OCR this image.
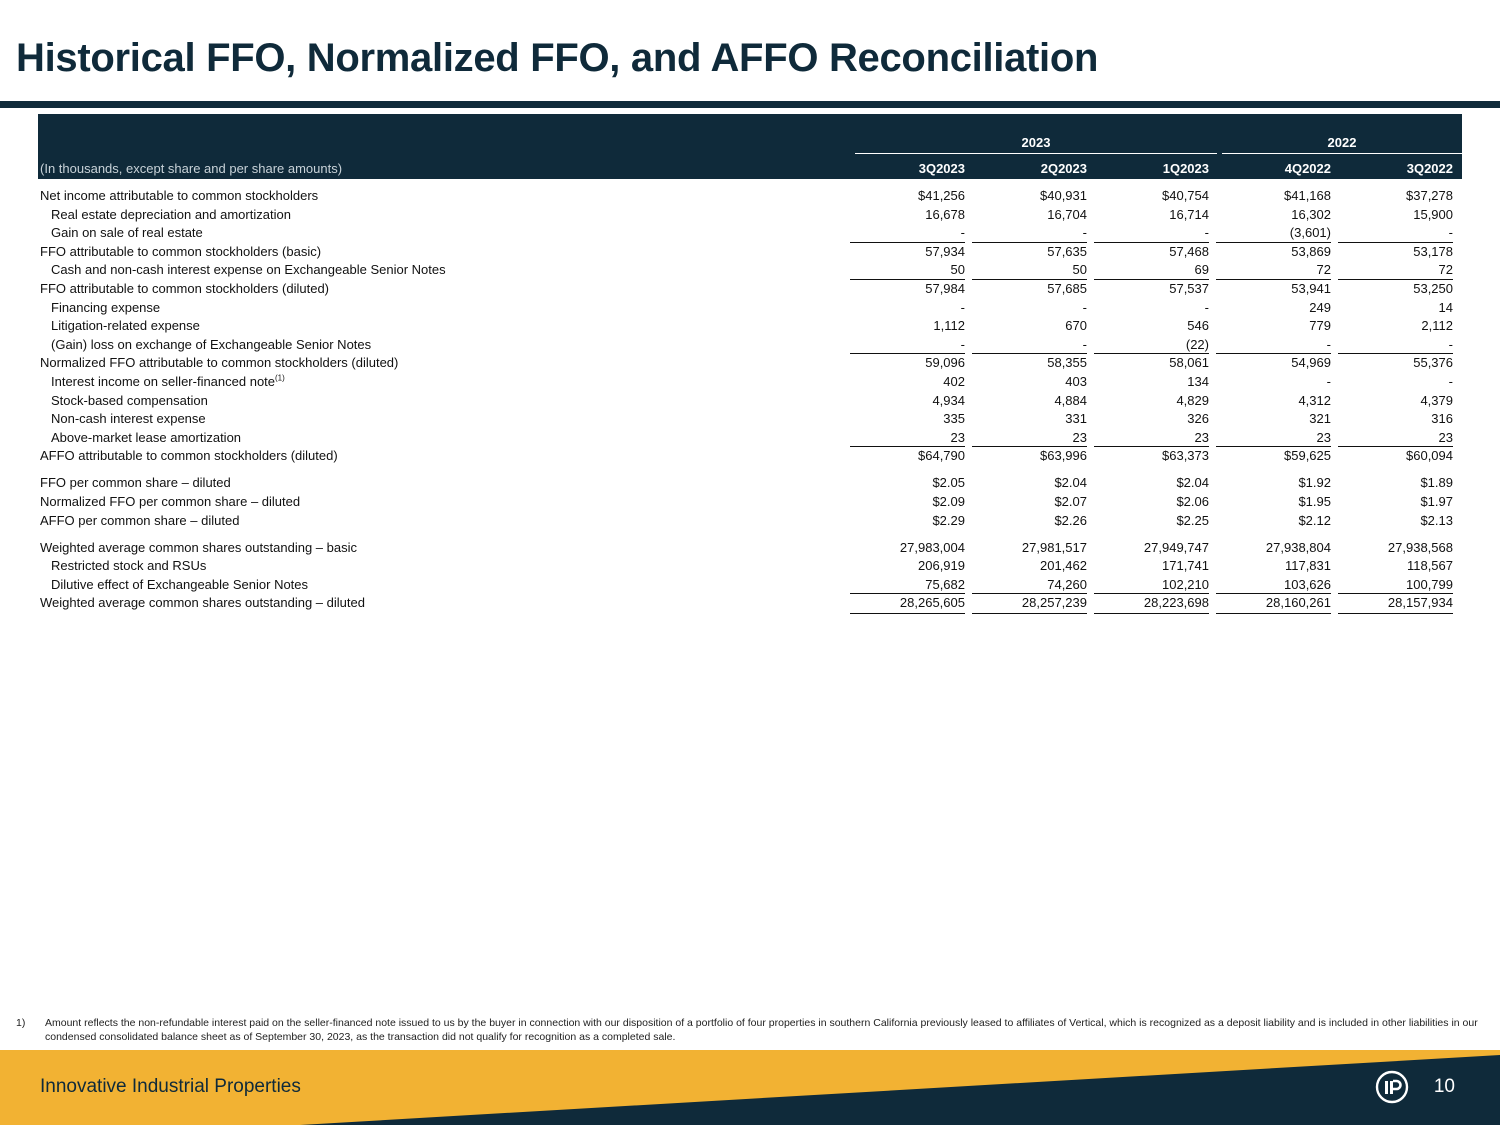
Historical FFO, Normalized FFO, and AFFO Reconciliation
2023	2022
(In thousands, except share and per share amounts)	3Q2023	2Q2023	1Q2023	4Q2022	3Q2022
Net income attributable to common stockholders	$41,256	$40,931	$40,754	$41,168	$37,278
Real estate depreciation and amortization	16,678	16,704	16,714	16,302	15,900
Gain on sale of real estate	-	-	-	(3,601)	-
FFO attributable to common stockholders (basic)	57,934	57,635	57,468	53,869	53,178
Cash and non-cash interest expense on Exchangeable Senior Notes	50	50	69	72	72
FFO attributable to common stockholders (diluted)	57,984	57,685	57,537	53,941	53,250
Financing expense	-	-	-	249	14
Litigation-related expense	1,112	670	546	779	2,112
(Gain) loss on exchange of Exchangeable Senior Notes	-	-	(22)	-	-
Normalized FFO attributable to common stockholders (diluted)	59,096	58,355	58,061	54,969	55,376
Interest income on seller-financed note$^{(1)}$	402	403	134	-	-
Stock-based compensation	4,934	4,884	4,829	4,312	4,379
Non-cash interest expense	335	331	326	321	316
Above-market lease amortization	23	23	23	23	23
AFFO attributable to common stockholders (diluted)	$64,790	$63,996	$63,373	$59,625	$60,094
FFO per common share – diluted	$2.05	$2.04	$2.04	$1.92	$1.89
Normalized FFO per common share – diluted	$2.09	$2.07	$2.06	$1.95	$1.97
AFFO per common share – diluted	$2.29	$2.26	$2.25	$2.12	$2.13
Weighted average common shares outstanding – basic	27,983,004	27,981,517	27,949,747	27,938,804	27,938,568
Restricted stock and RSUs	206,919	201,462	171,741	117,831	118,567
Dilutive effect of Exchangeable Senior Notes	75,682	74,260	102,210	103,626	100,799
Weighted average common shares outstanding – diluted	28,265,605	28,257,239	28,223,698	28,160,261	28,157,934
1) Amount reflects the non-refundable interest paid on the seller-financed note issued to us by the buyer in connection with our disposition of a portfolio of four properties in southern California previously leased to affiliates of Vertical, which is recognized as a deposit liability and is included in other liabilities in our condensed consolidated balance sheet as of September 30, 2023, as the transaction did not qualify for recognition as a completed sale.
Innovative Industrial Properties	10
